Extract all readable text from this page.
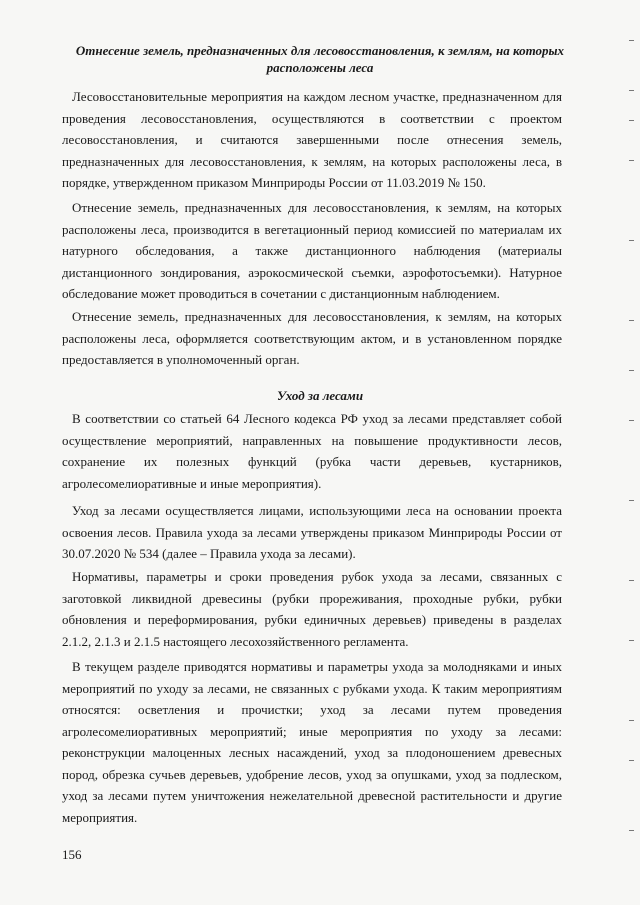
Отнесение земель, предназначенных для лесовосстановления, к землям, на которых расположены леса
Лесовосстановительные мероприятия на каждом лесном участке, предназначенном для проведения лесовосстановления, осуществляются в соответствии с проектом лесовосстановления, и считаются завершенными после отнесения земель, предназначенных для лесовосстановления, к землям, на которых расположены леса, в порядке, утвержденном приказом Минприроды России от 11.03.2019 № 150.
Отнесение земель, предназначенных для лесовосстановления, к землям, на которых расположены леса, производится в вегетационный период комиссией по материалам их натурного обследования, а также дистанционного наблюдения (материалы дистанционного зондирования, аэрокосмической съемки, аэрофотосъемки). Натурное обследование может проводиться в сочетании с дистанционным наблюдением.
Отнесение земель, предназначенных для лесовосстановления, к землям, на которых расположены леса, оформляется соответствующим актом, и в установленном порядке предоставляется в уполномоченный орган.
Уход за лесами
В соответствии со статьей 64 Лесного кодекса РФ уход за лесами представляет собой осуществление мероприятий, направленных на повышение продуктивности лесов, сохранение их полезных функций (рубка части деревьев, кустарников, агролесомелиоративные и иные мероприятия).
Уход за лесами осуществляется лицами, использующими леса на основании проекта освоения лесов. Правила ухода за лесами утверждены приказом Минприроды России от 30.07.2020 № 534 (далее – Правила ухода за лесами).
Нормативы, параметры и сроки проведения рубок ухода за лесами, связанных с заготовкой ликвидной древесины (рубки прореживания, проходные рубки, рубки обновления и переформирования, рубки единичных деревьев) приведены в разделах 2.1.2, 2.1.3 и 2.1.5 настоящего лесохозяйственного регламента.
В текущем разделе приводятся нормативы и параметры ухода за молодняками и иных мероприятий по уходу за лесами, не связанных с рубками ухода. К таким мероприятиям относятся: осветления и прочистки; уход за лесами путем проведения агролесомелиоративных мероприятий; иные мероприятия по уходу за лесами: реконструкции малоценных лесных насаждений, уход за плодоношением древесных пород, обрезка сучьев деревьев, удобрение лесов, уход за опушками, уход за подлеском, уход за лесами путем уничтожения нежелательной древесной растительности и другие мероприятия.
156
